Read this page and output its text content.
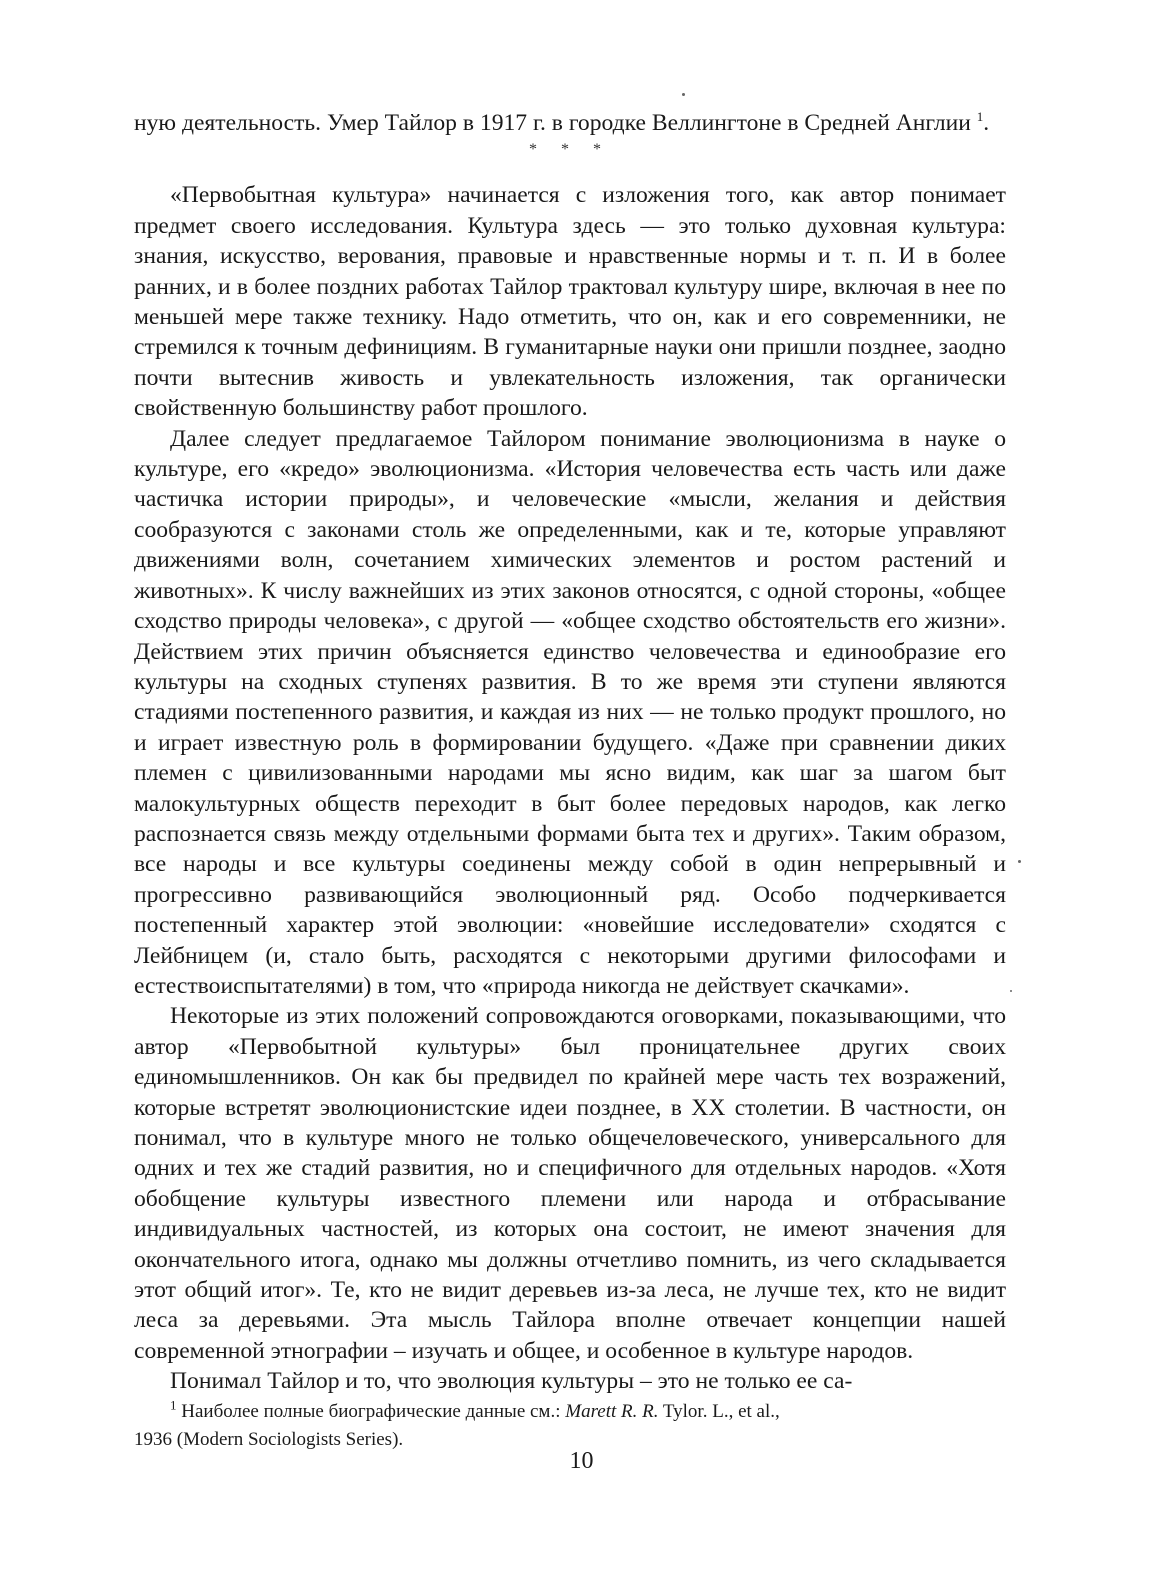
ную деятельность. Умер Тайлор в 1917 г. в городке Веллингтоне в Средней Англии $^1$.

* * *

«Первобытная культура» начинается с изложения того, как автор понимает предмет своего исследования. Культура здесь — это только духовная культура: знания, искусство, верования, правовые и нравственные нормы и т. п. И в более ранних, и в более поздних работах Тайлор трактовал культуру шире, включая в нее по меньшей мере также технику. Надо отметить, что он, как и его современники, не стремился к точным дефинициям. В гуманитарные науки они пришли позднее, заодно почти вытеснив живость и увлекательность изложения, так органически свойственную большинству работ прошлого.

Далее следует предлагаемое Тайлором понимание эволюционизма в науке о культуре, его «кредо» эволюционизма. «История человечества есть часть или даже частичка истории природы», и человеческие «мысли, желания и действия сообразуются с законами столь же определенными, как и те, которые управляют движениями волн, сочетанием химических элементов и ростом растений и животных». К числу важнейших из этих законов относятся, с одной стороны, «общее сходство природы человека», с другой — «общее сходство обстоятельств его жизни». Действием этих причин объясняется единство человечества и единообразие его культуры на сходных ступенях развития. В то же время эти ступени являются стадиями постепенного развития, и каждая из них — не только продукт прошлого, но и играет известную роль в формировании будущего. «Даже при сравнении диких племен с цивилизованными народами мы ясно видим, как шаг за шагом быт малокультурных обществ переходит в быт более передовых народов, как легко распознается связь между отдельными формами быта тех и других». Таким образом, все народы и все культуры соединены между собой в один непрерывный и прогрессивно развивающийся эволюционный ряд. Особо подчеркивается постепенный характер этой эволюции: «новейшие исследователи» сходятся с Лейбницем (и, стало быть, расходятся с некоторыми другими философами и естествоиспытателями) в том, что «природа никогда не действует скачками».

Некоторые из этих положений сопровождаются оговорками, показывающими, что автор «Первобытной культуры» был проницательнее других своих единомышленников. Он как бы предвидел по крайней мере часть тех возражений, которые встретят эволюционистские идеи позднее, в XX столетии. В частности, он понимал, что в культуре много не только общечеловеческого, универсального для одних и тех же стадий развития, но и специфичного для отдельных народов. «Хотя обобщение культуры известного племени или народа и отбрасывание индивидуальных частностей, из которых она состоит, не имеют значения для окончательного итога, однако мы должны отчетливо помнить, из чего складывается этот общий итог». Те, кто не видит деревьев из-за леса, не лучше тех, кто не видит леса за деревьями. Эта мысль Тайлора вполне отвечает концепции нашей современной этнографии – изучать и общее, и особенное в культуре народов.

Понимал Тайлор и то, что эволюция культуры – это не только ее са-

$^1$ Наиболее полные биографические данные см.: Marett R. R. Tylor. L., et al.,

1936 (Modern Sociologists Series).

10
